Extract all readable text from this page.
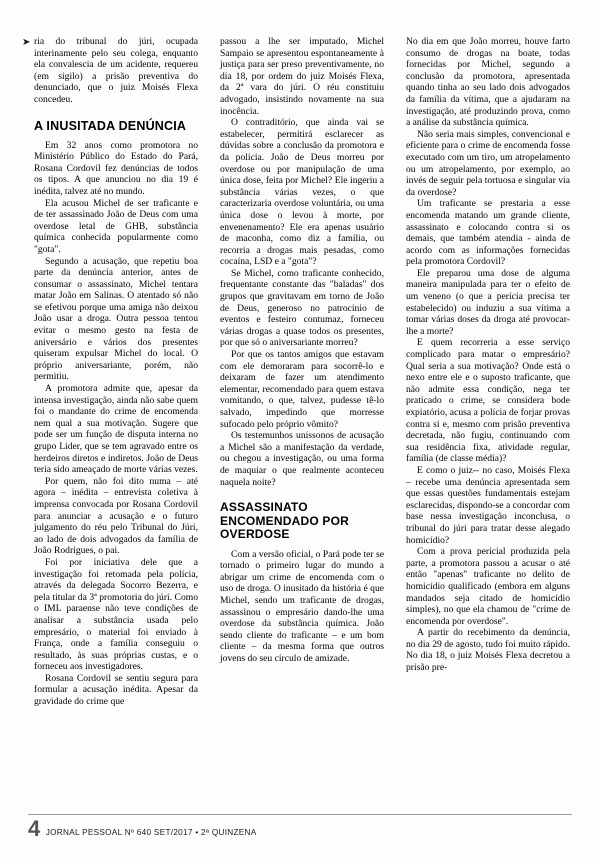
➤ ria do tribunal do júri, ocupada interinamente pelo seu colega, enquanto ela convalescia de um acidente, requereu (em sigilo) a prisão preventiva do denunciado, que o juiz Moisés Flexa concedeu.

A INUSITADA DENÚNCIA

Em 32 anos como promotora no Ministério Público do Estado do Pará, Rosana Cordovil fez denúncias de todos os tipos. A que anunciou no dia 19 é inédita, talvez até no mundo.

Ela acusou Michel de ser traficante e de ter assassinado João de Deus com uma overdose letal de GHB, substância química conhecida popularmente como "gota".

Segundo a acusação, que repetiu boa parte da denúncia anterior, antes de consumar o assassinato, Michel tentara matar João em Salinas. O atentado só não se efetivou porque uma amiga não deixou João usar a droga. Outra pessoa tentou evitar o mesmo gesto na festa de aniversário e vários dos presentes quiseram expulsar Michel do local. O próprio aniversariante, porém, não permitiu.

A promotora admite que, apesar da intensa investigação, ainda não sabe quem foi o mandante do crime de encomenda nem qual a sua motivação. Sugere que pode ser um função de disputa interna no grupo Lider, que se tem agravado entre os herdeiros diretos e indiretos. João de Deus teria sido ameaçado de morte várias vezes.

Por quem, não foi dito numa – até agora – inédita – entrevista coletiva à imprensa convocada por Rosana Cordovil para anunciar a acusação e o futuro julgamento do réu pelo Tribunal do Júri, ao lado de dois advogados da família de João Rodrigues, o pai.

Foi por iniciativa dele que a investigação foi retomada pela polícia, através da delegada Socorro Bezerra, e pela titular da 3ª promotoria do júri. Como o IML paraense não teve condições de analisar a substância usada pelo empresário, o material foi enviado à França, onde a família conseguiu o resultado, às suas próprias custas, e o forneceu aos investigadores.

Rosana Cordovil se sentiu segura para formular a acusação inédita. Apesar da gravidade do crime que

passou a lhe ser imputado, Michel Sampaio se apresentou espontaneamente à justiça para ser preso preventivamente, no dia 18, por ordem do juiz Moisés Flexa, da 2ª vara do júri. O réu constituiu advogado, insistindo novamente na sua inocência.

O contraditório, que ainda vai se estabelecer, permitirá esclarecer as dúvidas sobre a conclusão da promotora e da polícia. João de Deus morreu por overdose ou por manipulação de uma única dose, feita por Michel? Ele ingeriu a substância várias vezes, o que caracterizaria overdose voluntária, ou uma única dose o levou à morte, por envenenamento? Ele era apenas usuário de maconha, como diz a família, ou recorria a drogas mais pesadas, como cocaína, LSD e a "gota"?

Se Michel, como traficante conhecido, frequentante constante das "baladas" dos grupos que gravitavam em torno de João de Deus, generoso no patrocínio de eventos e festeiro contumaz, forneceu várias drogas a quase todos os presentes, por que só o aniversariante morreu?

Por que os tantos amigos que estavam com ele demoraram para socorrê-lo e deixaram de fazer um atendimento elementar, recomendado para quem estava vomitando, o que, talvez, pudesse tê-lo salvado, impedindo que morresse sufocado pelo próprio vômito?

Os testemunhos uníssonos de acusação a Michel são a manifestação da verdade, ou chegou a investigação, ou uma forma de maquiar o que realmente aconteceu naquela noite?

ASSASSINATO ENCOMENDADO POR OVERDOSE

Com a versão oficial, o Pará pode ter se tornado o primeiro lugar do mundo a abrigar um crime de encomenda com o uso de droga. O inusitado da história é que Michel, sendo um traficante de drogas, assassinou o empresário dando-lhe uma overdose da substância química. João sendo cliente do traficante – e um bom cliente – da mesma forma que outros jovens do seu círculo de amizade.

No dia em que João morreu, houve farto consumo de drogas na boate, todas fornecidas por Michel, segundo a conclusão da promotora, apresentada quando tinha ao seu lado dois advogados da família da vítima, que a ajudaram na investigação, até produzindo prova, como a análise da substância química.

Não seria mais simples, convencional e eficiente para o crime de encomenda fosse executado com um tiro, um atropelamento ou um atropelamento, por exemplo, ao invés de seguir pela tortuosa e singular via da overdose?

Um traficante se prestaria a esse encomenda matando um grande cliente, assassinato e colocando contra si os demais, que também atendia - ainda de acordo com as informações fornecidas pela promotora Cordovil?

Ele preparou uma dose de alguma maneira manipulada para ter o efeito de um veneno (o que a perícia precisa ter estabelecido) ou induziu a sua vítima a tomar várias doses da droga até provocar-lhe a morte?

E quem recorreria a esse serviço complicado para matar o empresário? Qual seria a sua motivação? Onde está o nexo entre ele e o suposto traficante, que não admite essa condição, nega ter praticado o crime, se considera bode expiatório, acusa a polícia de forjar provas contra si e, mesmo com prisão preventiva decretada, não fugiu, continuando com sua residência fixa, atividade regular, família (de classe média)?

E como o juiz-- no caso, Moisés Flexa – recebe uma denúncia apresentada sem que essas questões fundamentais estejam esclarecidas, dispondo-se a concordar com base nessa investigação inconclusa, o tribunal do júri para tratar desse alegado homicídio?

Com a prova pericial produzida pela parte, a promotora passou a acusar o até então "apenas" traficante no delito de homicídio qualificado (embora em alguns mandados seja citado de homicídio simples), no que ela chamou de "crime de encomenda por overdose".

A partir do recebimento da denúncia, no dia 29 de agosto, tudo foi muito rápido. No dia 18, o juiz Moisés Flexa decretou a prisão pre-

4 JORNAL PESSOAL Nº 640 SET/2017 • 2ª QUINZENA
